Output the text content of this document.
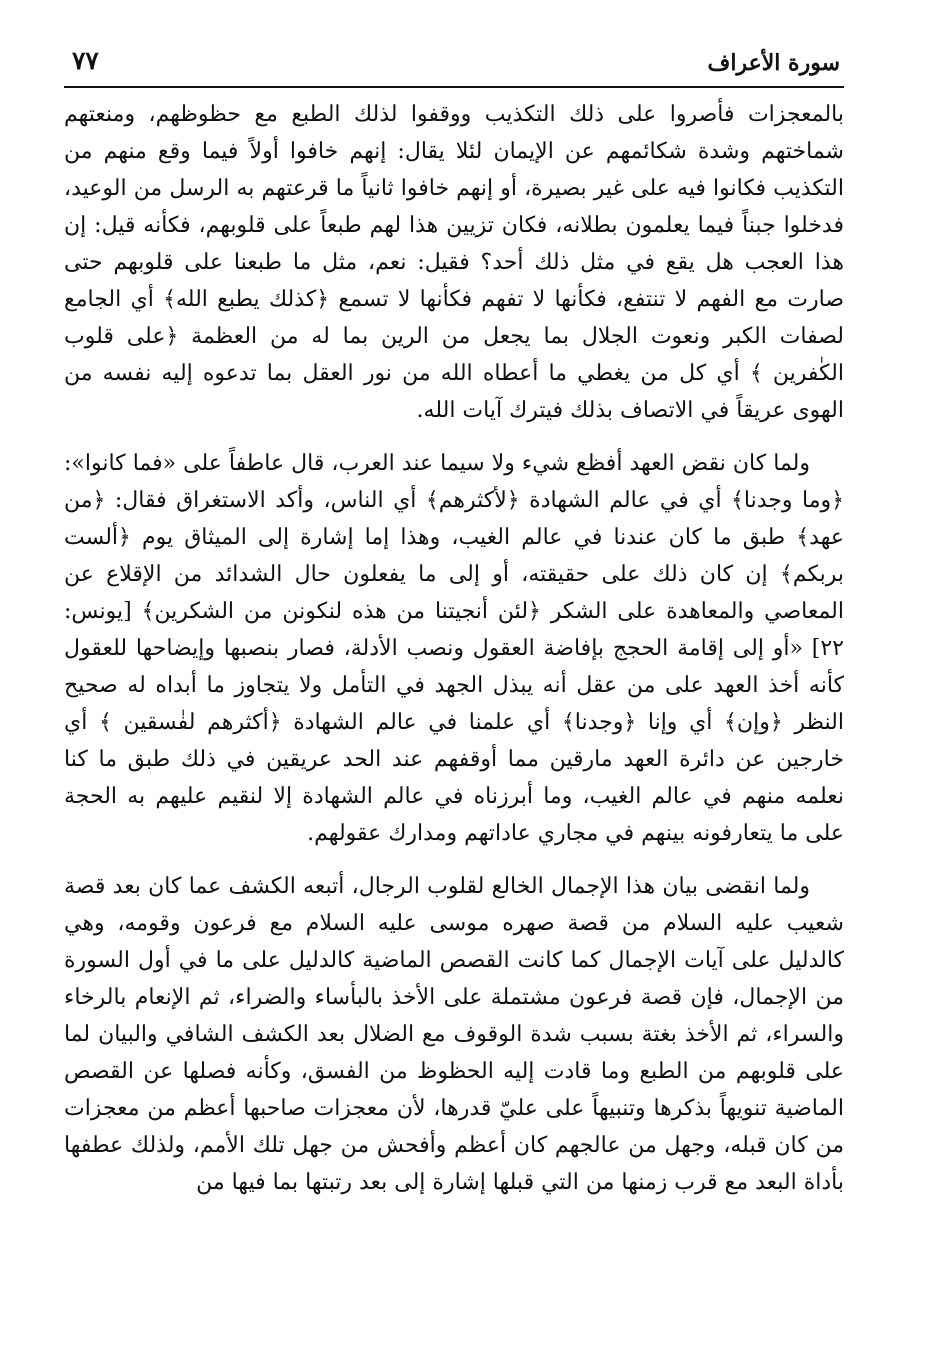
٧٧	سورة الأعراف

بالمعجزات فأصروا على ذلك التكذيب ووقفوا لذلك الطبع مع حظوظهم، ومنعتهم شماختهم وشدة شكائمهم عن الإيمان لئلا يقال: إنهم خافوا أولاً فيما وقع منهم من التكذيب فكانوا فيه على غير بصيرة، أو إنهم خافوا ثانياً ما قرعتهم به الرسل من الوعيد، فدخلوا جبناً فيما يعلمون بطلانه، فكان تزيين هذا لهم طبعاً على قلوبهم، فكأنه قيل: إن هذا العجب هل يقع في مثل ذلك أحد؟ فقيل: نعم، مثل ما طبعنا على قلوبهم حتى صارت مع الفهم لا تنتفع، فكأنها لا تفهم فكأنها لا تسمع ﴿كذلك يطبع الله﴾ أي الجامع لصفات الكبر ونعوت الجلال بما يجعل من الرين بما له من العظمة ﴿على قلوب الكٰفرين ﴾ أي كل من يغطي ما أعطاه الله من نور العقل بما تدعوه إليه نفسه من الهوى عريقاً في الاتصاف بذلك فيترك آيات الله.

ولما كان نقض العهد أفظع شيء ولا سيما عند العرب، قال عاطفاً على «فما كانوا»: ﴿وما وجدنا﴾ أي في عالم الشهادة ﴿لأكثرهم﴾ أي الناس، وأكد الاستغراق فقال: ﴿من عهد﴾ طبق ما كان عندنا في عالم الغيب، وهذا إما إشارة إلى الميثاق يوم ﴿ألست بربكم﴾ إن كان ذلك على حقيقته، أو إلى ما يفعلون حال الشدائد من الإقلاع عن المعاصي والمعاهدة على الشكر ﴿لئن أنجيتنا من هذه لنكونن من الشكرين﴾ [يونس: ٢٢] «أو إلى إقامة الحجج بإفاضة العقول ونصب الأدلة، فصار بنصبها وإيضاحها للعقول كأنه أخذ العهد على من عقل أنه يبذل الجهد في التأمل ولا يتجاوز ما أبداه له صحيح النظر ﴿وإن﴾ أي وإنا ﴿وجدنا﴾ أي علمنا في عالم الشهادة ﴿أكثرهم لفٰسقين ﴾ أي خارجين عن دائرة العهد مارقين مما أوقفهم عند الحد عريقين في ذلك طبق ما كنا نعلمه منهم في عالم الغيب، وما أبرزناه في عالم الشهادة إلا لنقيم عليهم به الحجة على ما يتعارفونه بينهم في مجاري عاداتهم ومدارك عقولهم.

ولما انقضى بيان هذا الإجمال الخالع لقلوب الرجال، أتبعه الكشف عما كان بعد قصة شعيب عليه السلام من قصة صهره موسى عليه السلام مع فرعون وقومه، وهي كالدليل على آيات الإجمال كما كانت القصص الماضية كالدليل على ما في أول السورة من الإجمال، فإن قصة فرعون مشتملة على الأخذ بالبأساء والضراء، ثم الإنعام بالرخاء والسراء، ثم الأخذ بغتة بسبب شدة الوقوف مع الضلال بعد الكشف الشافي والبيان لما على قلوبهم من الطبع وما قادت إليه الحظوظ من الفسق، وكأنه فصلها عن القصص الماضية تنويهاً بذكرها وتنبيهاً على عليّ قدرها، لأن معجزات صاحبها أعظم من معجزات من كان قبله، وجهل من عالجهم كان أعظم وأفحش من جهل تلك الأمم، ولذلك عطفها بأداة البعد مع قرب زمنها من التي قبلها إشارة إلى بعد رتبتها بما فيها من
